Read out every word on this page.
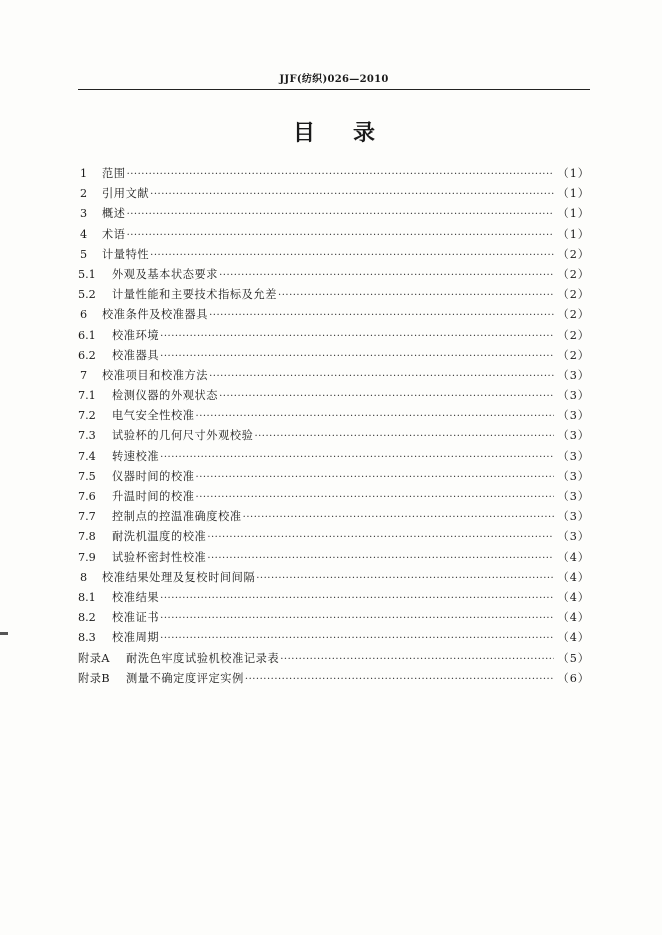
JJF(纺织)026—2010
目录
1	范围 ·····	（1）
2	引用文献 ·····	（1）
3	概述 ·····	（1）
4	术语 ·····	（1）
5	计量特性 ·····	（2）
5.1	外观及基本状态要求 ·····	（2）
5.2	计量性能和主要技术指标及允差 ·····	（2）
6	校准条件及校准器具 ·····	（2）
6.1	校准环境 ·····	（2）
6.2	校准器具 ·····	（2）
7	校准项目和校准方法 ·····	（3）
7.1	检测仪器的外观状态 ·····	（3）
7.2	电气安全性校准 ·····	（3）
7.3	试验杯的几何尺寸外观校验 ·····	（3）
7.4	转速校准 ·····	（3）
7.5	仪器时间的校准 ·····	（3）
7.6	升温时间的校准 ·····	（3）
7.7	控制点的控温准确度校准 ·····	（3）
7.8	耐洗机温度的校准 ·····	（3）
7.9	试验杯密封性校准 ·····	（4）
8	校准结果处理及复校时间间隔 ·····	（4）
8.1	校准结果 ·····	（4）
8.2	校准证书 ·····	（4）
8.3	校准周期 ·····	（4）
附录A	耐洗色牢度试验机校准记录表 ·····	（5）
附录B	测量不确定度评定实例 ·····	（6）
